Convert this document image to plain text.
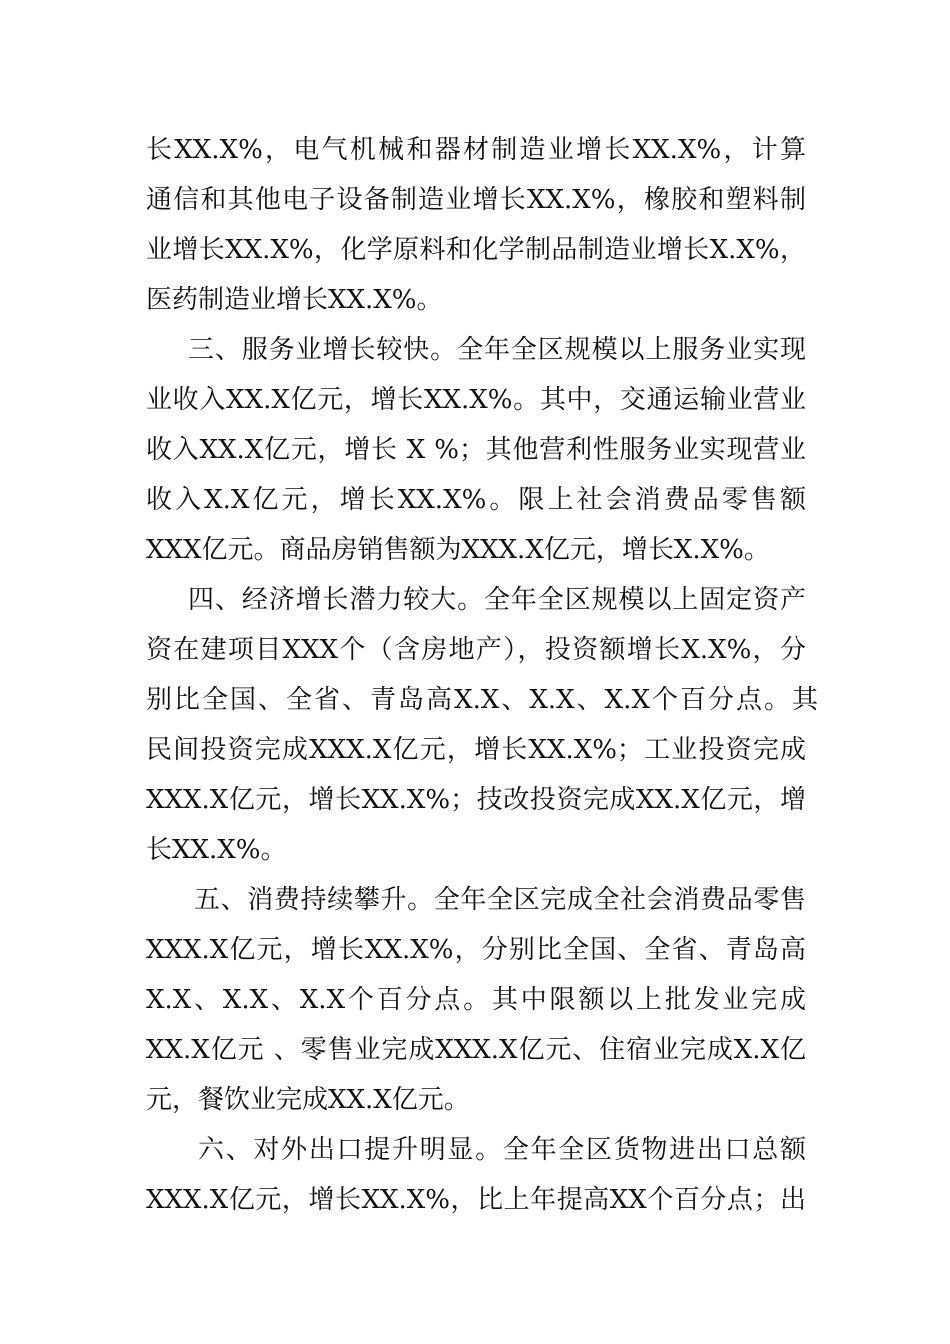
长XX.X%，电气机械和器材制造业增长XX.X%，计算

通信和其他电子设备制造业增长XX.X%，橡胶和塑料制

业增长XX.X%，化学原料和化学制品制造业增长X.X%，

医药制造业增长XX.X%。

三、服务业增长较快。全年全区规模以上服务业实现

业收入XX.X亿元，增长XX.X%。其中，交通运输业营业

收入XX.X亿元，增长 X %；其他营利性服务业实现营业

收入X.X亿元，增长XX.X%。限上社会消费品零售额

XXX亿元。商品房销售额为XXX.X亿元，增长X.X%。

四、经济增长潜力较大。全年全区规模以上固定资产

资在建项目XXX个（含房地产），投资额增长X.X%，分

别比全国、全省、青岛高X.X、X.X、X.X个百分点。其

民间投资完成XXX.X亿元，增长XX.X%；工业投资完成

XXX.X亿元，增长XX.X%；技改投资完成XX.X亿元，增

长XX.X%。

五、消费持续攀升。全年全区完成全社会消费品零售

XXX.X亿元，增长XX.X%，分别比全国、全省、青岛高

X.X、X.X、X.X个百分点。其中限额以上批发业完成

XX.X亿元 、零售业完成XXX.X亿元、住宿业完成X.X亿

元，餐饮业完成XX.X亿元。

六、对外出口提升明显。全年全区货物进出口总额

XXX.X亿元，增长XX.X%，比上年提高XX个百分点；出
